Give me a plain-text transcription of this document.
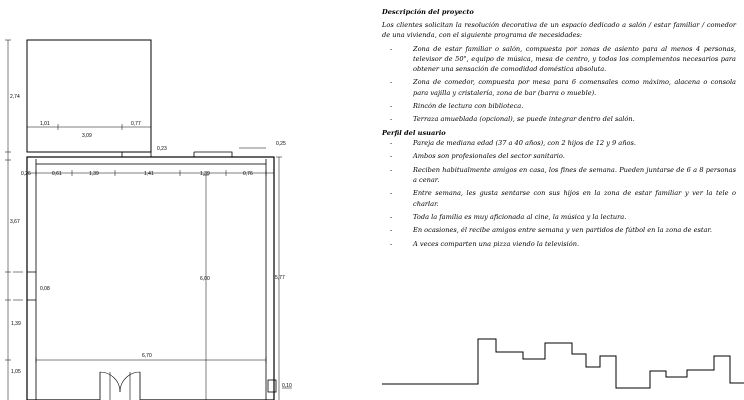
2,74
1,01
3,09
0,77
0,23
0,25
0,26	0,61	1,39	1,41	1,39	0,76
3,67
6,00	5,77
0,08
1,39
6,70
1,05
0,10

Descripción del proyecto

Los clientes solicitan la resolución decorativa de un espacio dedicado a salón / estar familiar / comedor de una vivienda, con el siguiente programa de necesidades:

- Zona de estar familiar o salón, compuesta por zonas de asiento para al menos 4 personas, televisor de 50", equipo de música, mesa de centro, y todos los complementos necesarios para obtener una sensación de comodidad doméstica absoluta.
- Zona de comedor, compuesta por mesa para 6 comensales como máximo, alacena o consola para vajilla y cristalería, zona de bar (barra o mueble).
- Rincón de lectura con biblioteca.
- Terraza amueblada (opcional), se puede integrar dentro del salón.

Perfil del usuario

- Pareja de mediana edad (37 a 40 años), con 2 hijos de 12 y 9 años.
- Ambos son profesionales del sector sanitario.
- Reciben habitualmente amigos en casa, los fines de semana. Pueden juntarse de 6 a 8 personas a cenar.
- Entre semana, les gusta sentarse con sus hijos en la zona de estar familiar y ver la tele o charlar.
- Toda la familia es muy aficionada al cine, la música y la lectura.
- En ocasiones, él recibe amigos entre semana y ven partidos de fútbol en la zona de estar.
- A veces comparten una pizza viendo la televisión.
